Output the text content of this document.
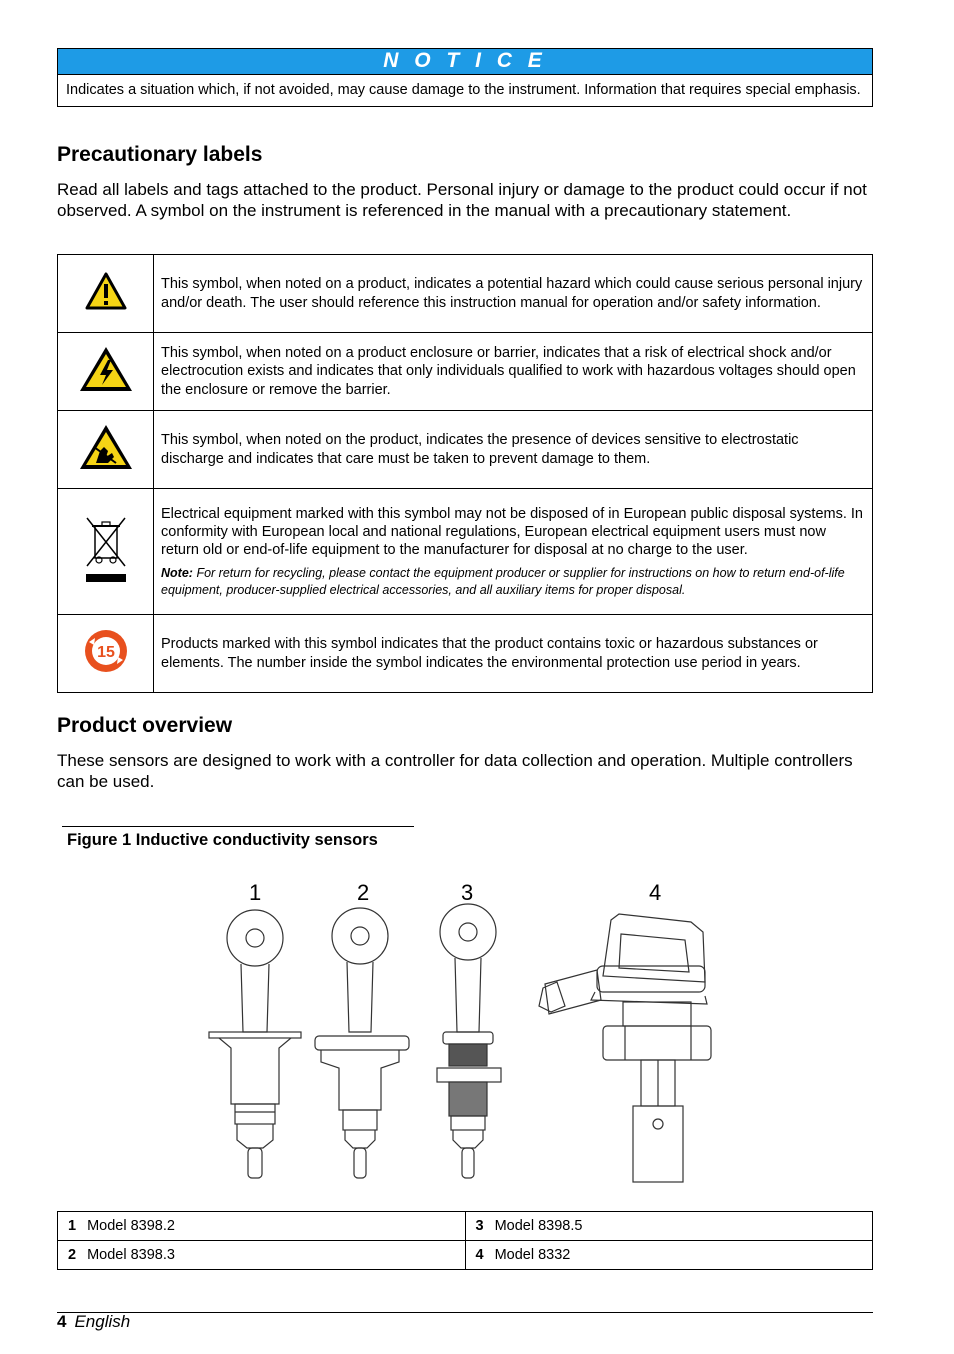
N O T I C E
Indicates a situation which, if not avoided, may cause damage to the instrument. Information that requires special emphasis.
Precautionary labels
Read all labels and tags attached to the product. Personal injury or damage to the product could occur if not observed. A symbol on the instrument is referenced in the manual with a precautionary statement.
	This symbol, when noted on a product, indicates a potential hazard which could cause serious personal injury and/or death. The user should reference this instruction manual for operation and/or safety information.
	This symbol, when noted on a product enclosure or barrier, indicates that a risk of electrical shock and/or electrocution exists and indicates that only individuals qualified to work with hazardous voltages should open the enclosure or remove the barrier.
	This symbol, when noted on the product, indicates the presence of devices sensitive to electrostatic discharge and indicates that care must be taken to prevent damage to them.

Electrical equipment marked with this symbol may not be disposed of in European public disposal systems. In conformity with European local and national regulations, European electrical equipment users must now return old or end-of-life equipment to the manufacturer for disposal at no charge to the user.
Note: For return for recycling, please contact the equipment producer or supplier for instructions on how to return end-of-life equipment, producer-supplied electrical accessories, and all auxiliary items for proper disposal.

15	Products marked with this symbol indicates that the product contains toxic or hazardous substances or elements. The number inside the symbol indicates the environmental protection use period in years.
Product overview
These sensors are designed to work with a controller for data collection and operation. Multiple controllers can be used.
Figure 1 Inductive conductivity sensors
1	2	3	4
1 Model 8398.2	3 Model 8398.5
2 Model 8398.3	4 Model 8332
4 English
